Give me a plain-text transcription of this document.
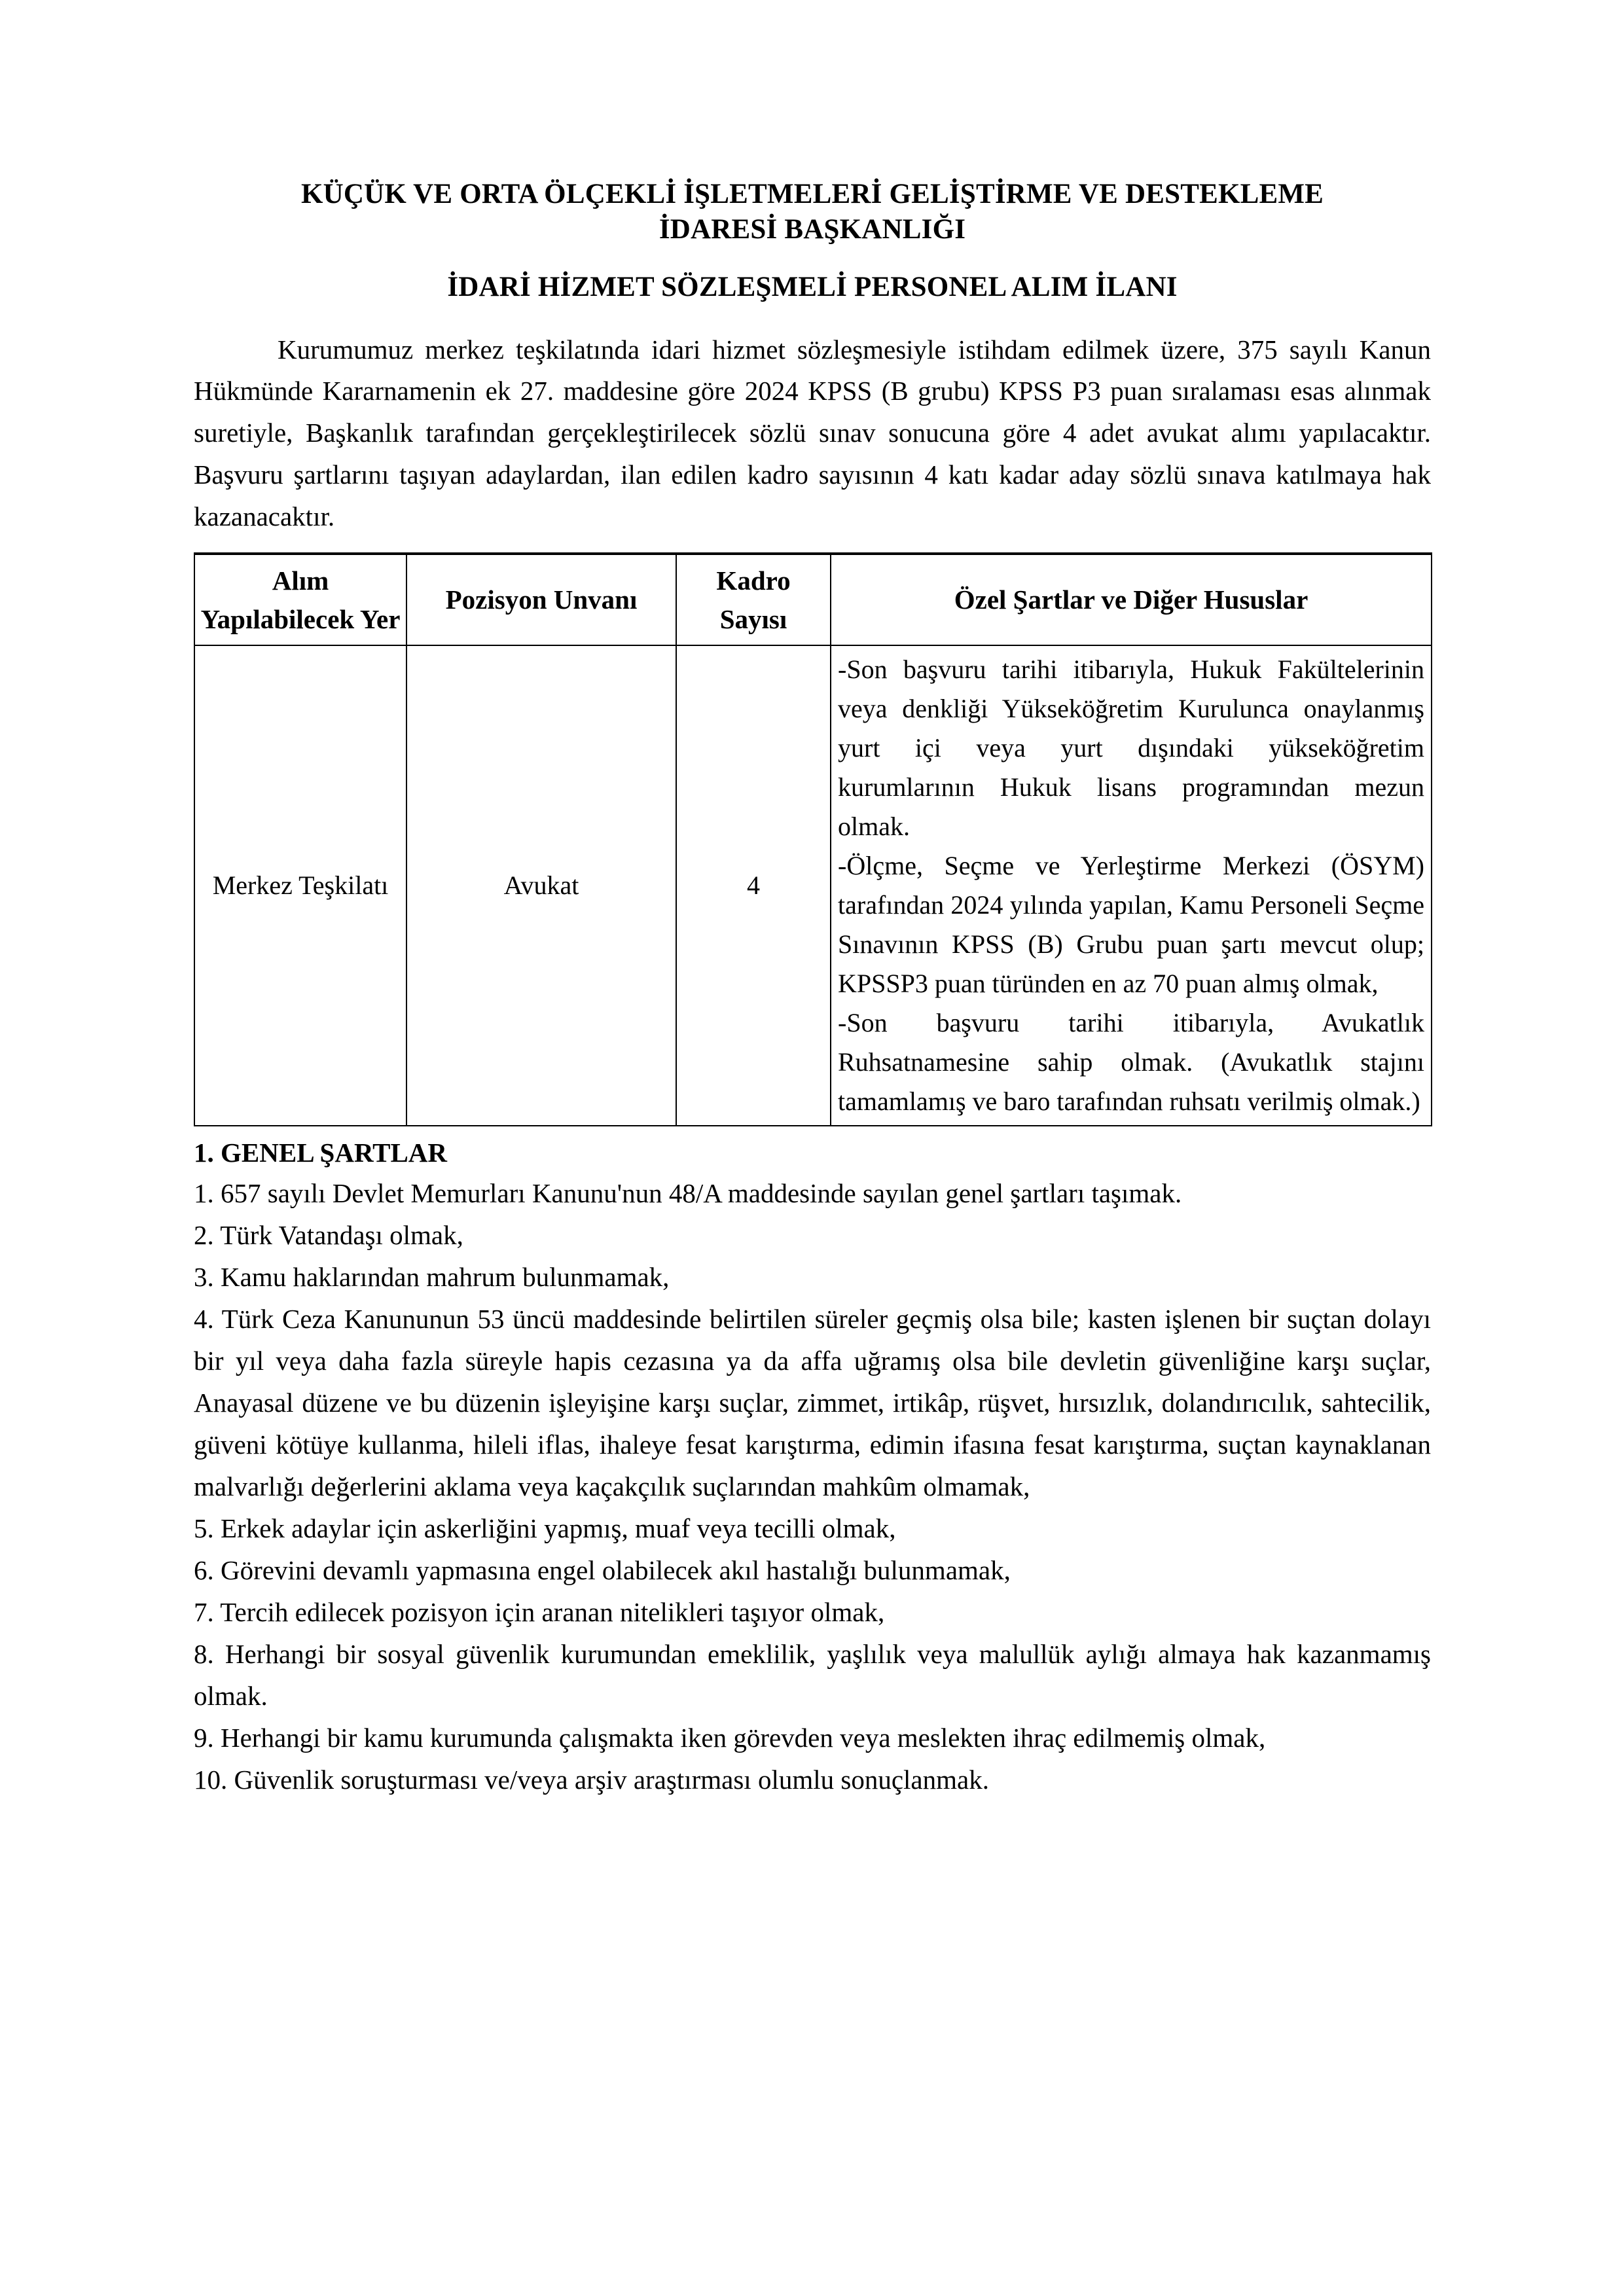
KÜÇÜK VE ORTA ÖLÇEKLİ İŞLETMELERİ GELİŞTİRME VE DESTEKLEME
İDARESİ BAŞKANLIĞI
İDARİ HİZMET SÖZLEŞMELİ PERSONEL ALIM İLANI

Kurumumuz merkez teşkilatında idari hizmet sözleşmesiyle istihdam edilmek üzere, 375 sayılı Kanun Hükmünde Kararnamenin ek 27. maddesine göre 2024 KPSS (B grubu) KPSS P3 puan sıralaması esas alınmak suretiyle, Başkanlık tarafından gerçekleştirilecek sözlü sınav sonucuna göre 4 adet avukat alımı yapılacaktır. Başvuru şartlarını taşıyan adaylardan, ilan edilen kadro sayısının 4 katı kadar aday sözlü sınava katılmaya hak kazanacaktır.

Alım Yapılabilecek Yer	Pozisyon Unvanı	Kadro Sayısı	Özel Şartlar ve Diğer Hususlar
Merkez Teşkilatı	Avukat	4	-Son başvuru tarihi itibarıyla, Hukuk Fakültelerinin veya denkliği Yükseköğretim Kurulunca onaylanmış yurt içi veya yurt dışındaki yükseköğretim kurumlarının Hukuk lisans programından mezun olmak.

-Ölçme, Seçme ve Yerleştirme Merkezi (ÖSYM) tarafından 2024 yılında yapılan, Kamu Personeli Seçme Sınavının KPSS (B) Grubu puan şartı mevcut olup; KPSSP3 puan türünden en az 70 puan almış olmak,

-Son başvuru tarihi itibarıyla, Avukatlık Ruhsatnamesine sahip olmak. (Avukatlık stajını tamamlamış ve baro tarafından ruhsatı verilmiş olmak.)

1. GENEL ŞARTLAR
1. 657 sayılı Devlet Memurları Kanunu'nun 48/A maddesinde sayılan genel şartları taşımak.
2. Türk Vatandaşı olmak,
3. Kamu haklarından mahrum bulunmamak,
4. Türk Ceza Kanununun 53 üncü maddesinde belirtilen süreler geçmiş olsa bile; kasten işlenen bir suçtan dolayı bir yıl veya daha fazla süreyle hapis cezasına ya da affa uğramış olsa bile devletin güvenliğine karşı suçlar, Anayasal düzene ve bu düzenin işleyişine karşı suçlar, zimmet, irtikâp, rüşvet, hırsızlık, dolandırıcılık, sahtecilik, güveni kötüye kullanma, hileli iflas, ihaleye fesat karıştırma, edimin ifasına fesat karıştırma, suçtan kaynaklanan malvarlığı değerlerini aklama veya kaçakçılık suçlarından mahkûm olmamak,
5. Erkek adaylar için askerliğini yapmış, muaf veya tecilli olmak,
6. Görevini devamlı yapmasına engel olabilecek akıl hastalığı bulunmamak,
7. Tercih edilecek pozisyon için aranan nitelikleri taşıyor olmak,
8. Herhangi bir sosyal güvenlik kurumundan emeklilik, yaşlılık veya malullük aylığı almaya hak kazanmamış olmak.
9. Herhangi bir kamu kurumunda çalışmakta iken görevden veya meslekten ihraç edilmemiş olmak,
10. Güvenlik soruşturması ve/veya arşiv araştırması olumlu sonuçlanmak.
